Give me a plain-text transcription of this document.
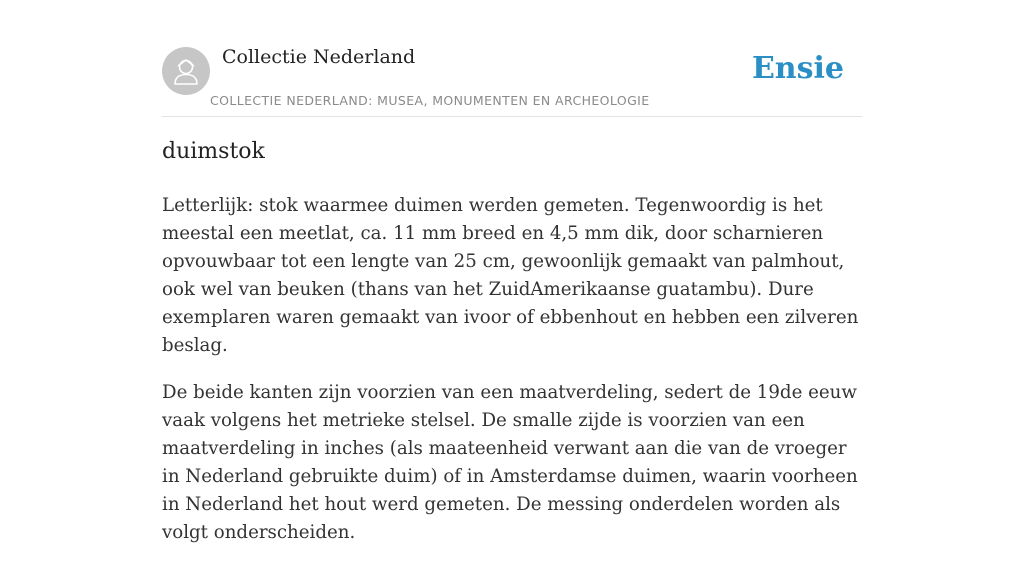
Collectie Nederland
COLLECTIE NEDERLAND: MUSEA, MONUMENTEN EN ARCHEOLOGIE
Ensie
duimstok

Letterlijk: stok waarmee duimen werden gemeten. Tegenwoordig is het meestal een meetlat, ca. 11 mm breed en 4,5 mm dik, door scharnieren opvouwbaar tot een lengte van 25 cm, gewoonlijk gemaakt van palmhout, ook wel van beuken (thans van het ZuidAmerikaanse guatambu). Dure exemplaren waren gemaakt van ivoor of ebbenhout en hebben een zilveren beslag.

De beide kanten zijn voorzien van een maatverdeling, sedert de 19de eeuw vaak volgens het metrieke stelsel. De smalle zijde is voorzien van een maatverdeling in inches (als maateenheid verwant aan die van de vroeger in Nederland gebruikte duim) of in Amsterdamse duimen, waarin voorheen in Nederland het hout werd gemeten. De messing onderdelen worden als volgt onderscheiden.
